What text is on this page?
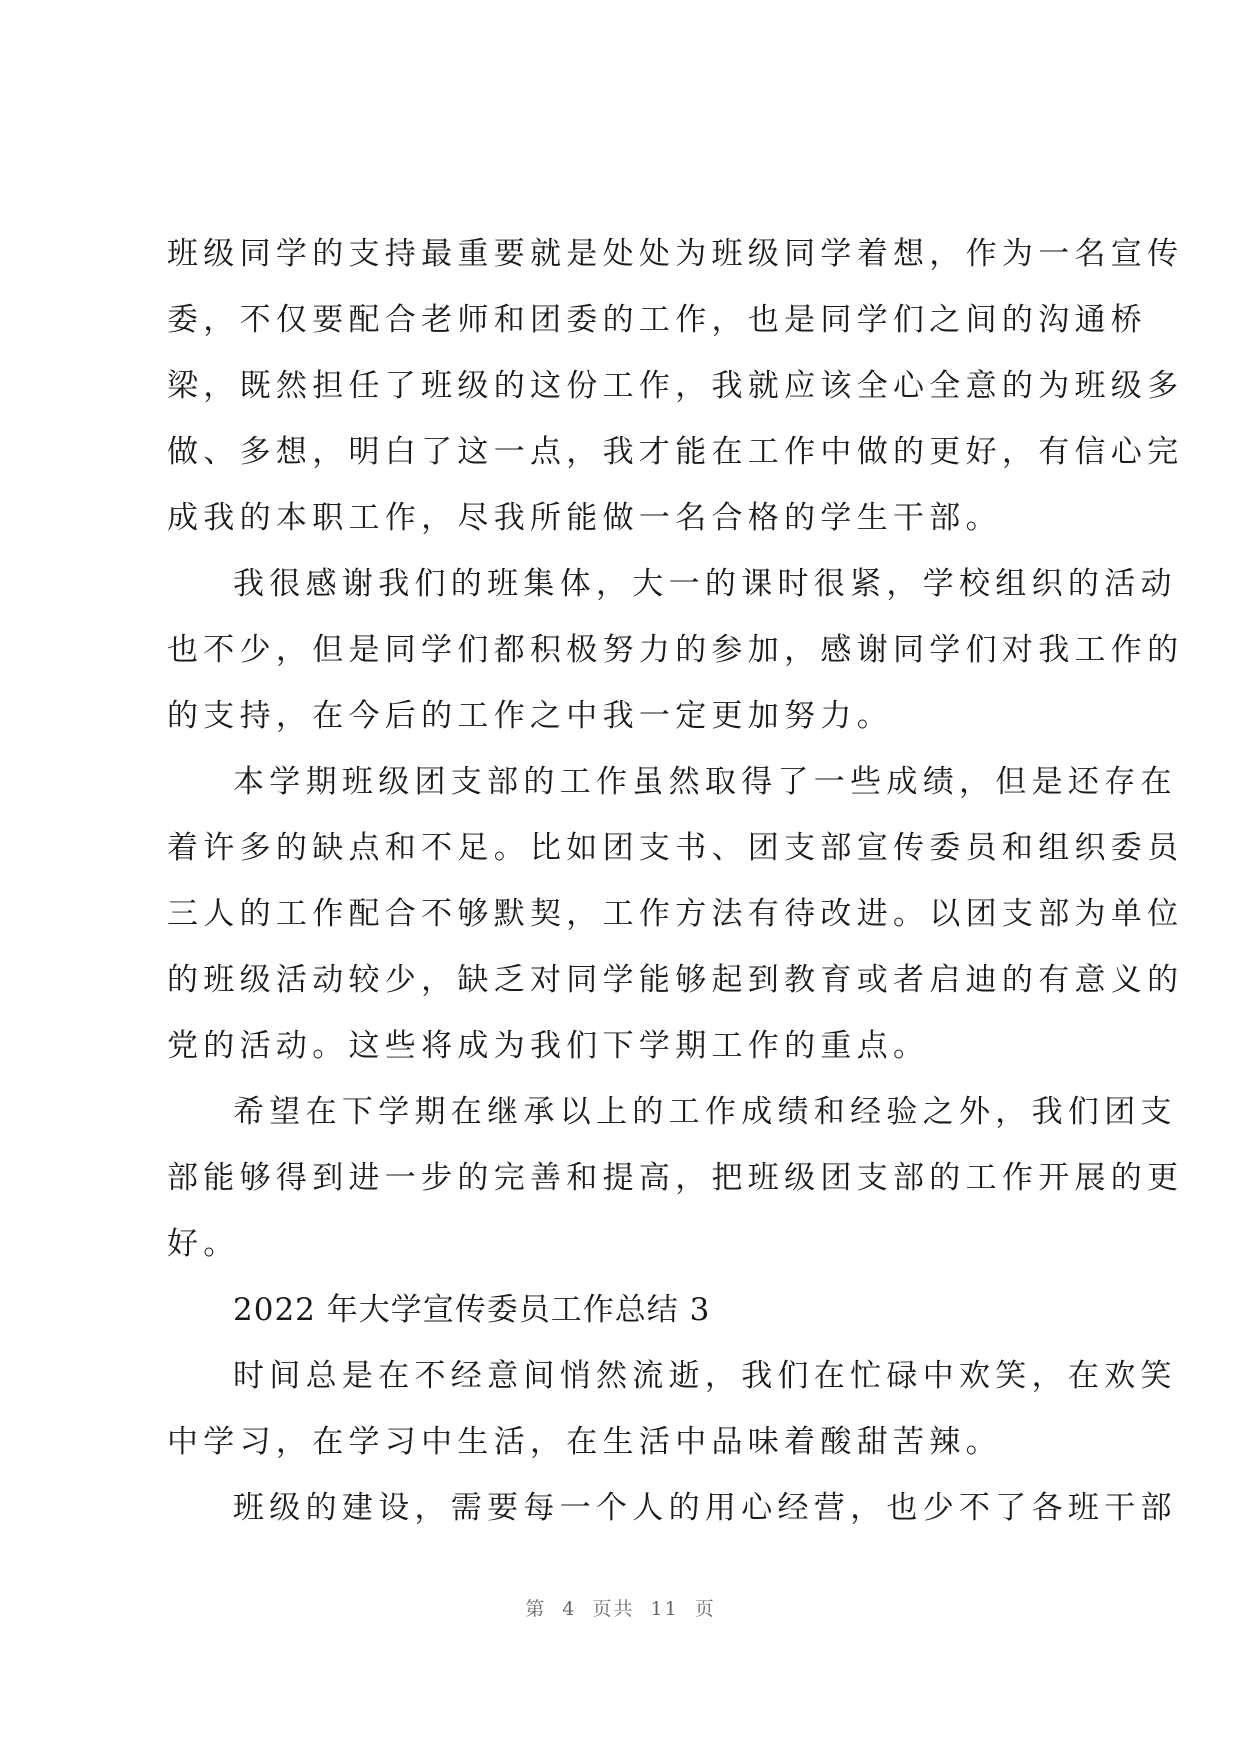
班级同学的支持最重要就是处处为班级同学着想，作为一名宣传
委，不仅要配合老师和团委的工作，也是同学们之间的沟通桥
梁，既然担任了班级的这份工作，我就应该全心全意的为班级多
做、多想，明白了这一点，我才能在工作中做的更好，有信心完
成我的本职工作，尽我所能做一名合格的学生干部。
我很感谢我们的班集体，大一的课时很紧，学校组织的活动
也不少，但是同学们都积极努力的参加，感谢同学们对我工作的
的支持，在今后的工作之中我一定更加努力。
本学期班级团支部的工作虽然取得了一些成绩，但是还存在
着许多的缺点和不足。比如团支书、团支部宣传委员和组织委员
三人的工作配合不够默契，工作方法有待改进。以团支部为单位
的班级活动较少，缺乏对同学能够起到教育或者启迪的有意义的
党的活动。这些将成为我们下学期工作的重点。
希望在下学期在继承以上的工作成绩和经验之外，我们团支
部能够得到进一步的完善和提高，把班级团支部的工作开展的更
好。
2022 年大学宣传委员工作总结 3
时间总是在不经意间悄然流逝，我们在忙碌中欢笑，在欢笑
中学习，在学习中生活，在生活中品味着酸甜苦辣。
班级的建设，需要每一个人的用心经营，也少不了各班干部
第  4  页共  11  页
